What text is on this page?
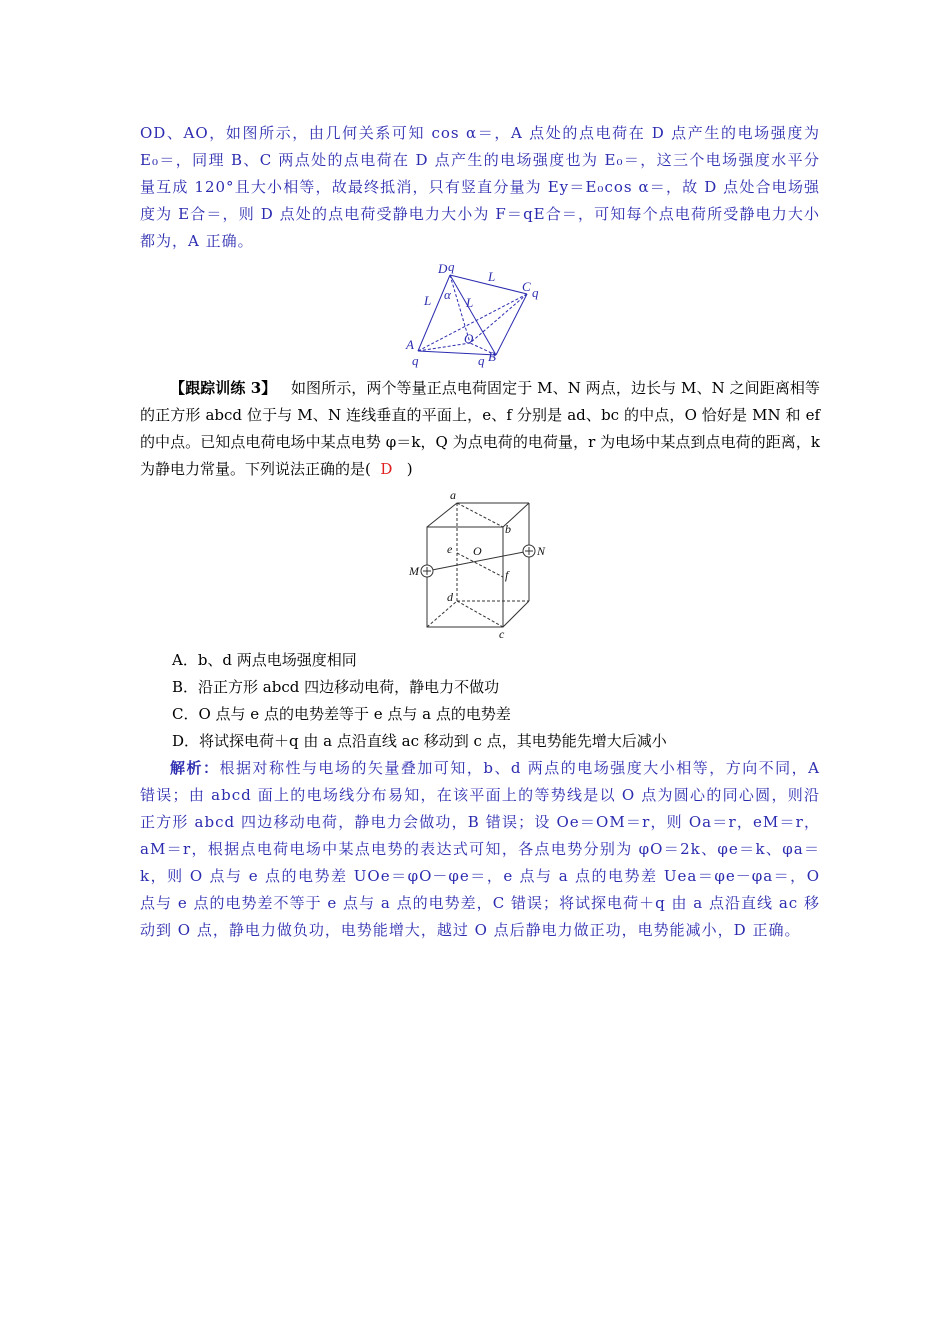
OD、AO，如图所示，由几何关系可知 cos α＝，A 点处的点电荷在 D 点产生的电场强度为 E₀＝，同理 B、C 两点处的点电荷在 D 点产生的电场强度也为 E₀＝，这三个电场强度水平分量互成 120°且大小相等，故最终抵消，只有竖直分量为 Ey＝E₀cos α＝，故 D 点处合电场强度为 E合＝，则 D 点处的点电荷受静电力大小为 F＝qE合＝，可知每个点电荷所受静电力大小都为，A 正确。

D q
L
L α
L
C q
A
q
O
q B

【跟踪训练 3】 如图所示，两个等量正点电荷固定于 M、N 两点，边长与 M、N 之间距离相等的正方形 abcd 位于与 M、N 连线垂直的平面上，e、f 分别是 ad、bc 的中点，O 恰好是 MN 和 ef 的中点。已知点电荷电场中某点电势 φ＝k，Q 为点电荷的电荷量，r 为电场中某点到点电荷的距离，k 为静电力常量。下列说法正确的是( D )

a
b
c
d
e
f
O
M
N

A．b、d 两点电场强度相同

B．沿正方形 abcd 四边移动电荷，静电力不做功

C．O 点与 e 点的电势差等于 e 点与 a 点的电势差

D．将试探电荷＋q 由 a 点沿直线 ac 移动到 c 点，其电势能先增大后减小

解析：根据对称性与电场的矢量叠加可知，b、d 两点的电场强度大小相等，方向不同，A 错误；由 abcd 面上的电场线分布易知，在该平面上的等势线是以 O 点为圆心的同心圆，则沿正方形 abcd 四边移动电荷，静电力会做功，B 错误；设 Oe＝OM＝r，则 Oa＝r，eM＝r，aM＝r，根据点电荷电场中某点电势的表达式可知，各点电势分别为 φO＝2k、φe＝k、φa＝k，则 O 点与 e 点的电势差 UOe＝φO－φe＝，e 点与 a 点的电势差 Uea＝φe－φa＝，O 点与 e 点的电势差不等于 e 点与 a 点的电势差，C 错误；将试探电荷＋q 由 a 点沿直线 ac 移动到 O 点，静电力做负功，电势能增大，越过 O 点后静电力做正功，电势能减小，D 正确。
